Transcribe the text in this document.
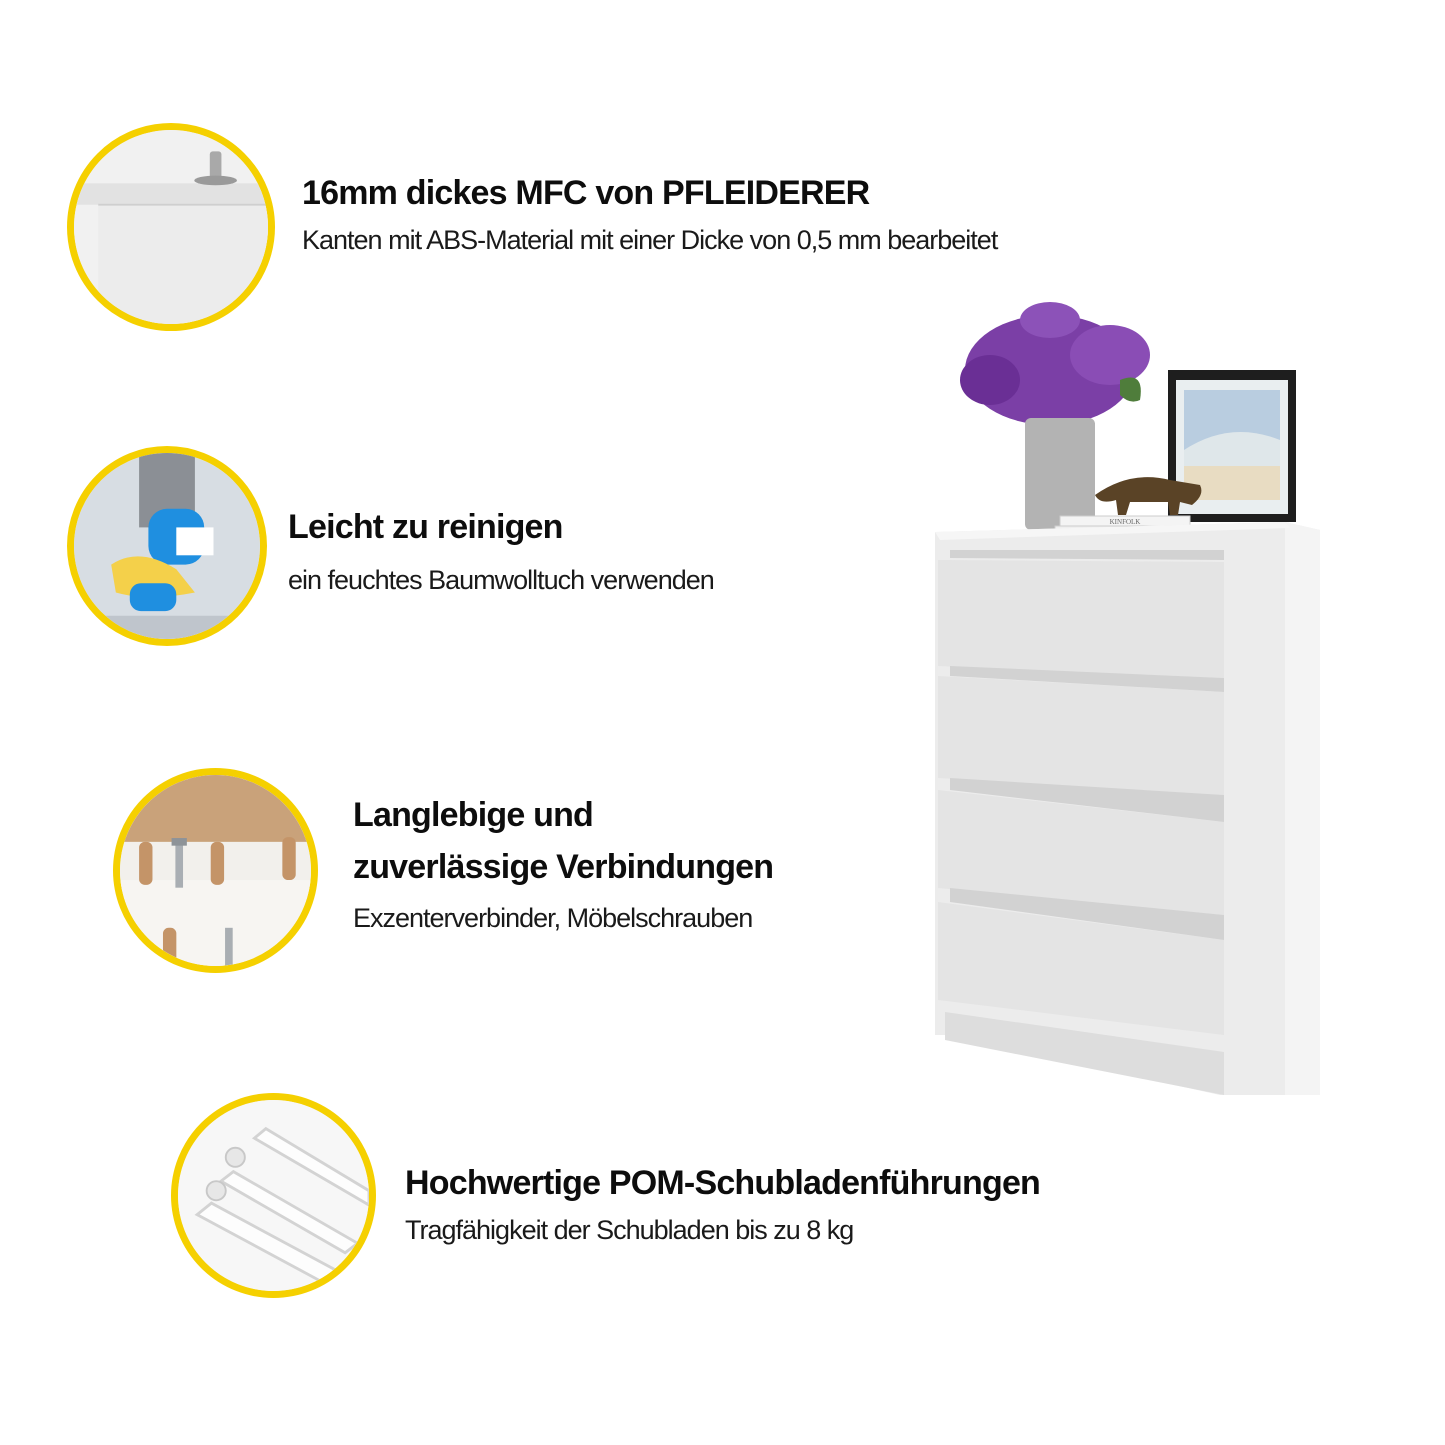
16mm dickes MFC von PFLEIDERER
Kanten mit ABS-Material mit einer Dicke von 0,5 mm bearbeitet
Leicht zu reinigen
ein feuchtes Baumwolltuch verwenden
Langlebige und
zuverlässige Verbindungen
Exzenterverbinder, Möbelschrauben
Hochwertige POM-Schubladenführungen
Tragfähigkeit der Schubladen bis zu 8 kg
KINFOLK
